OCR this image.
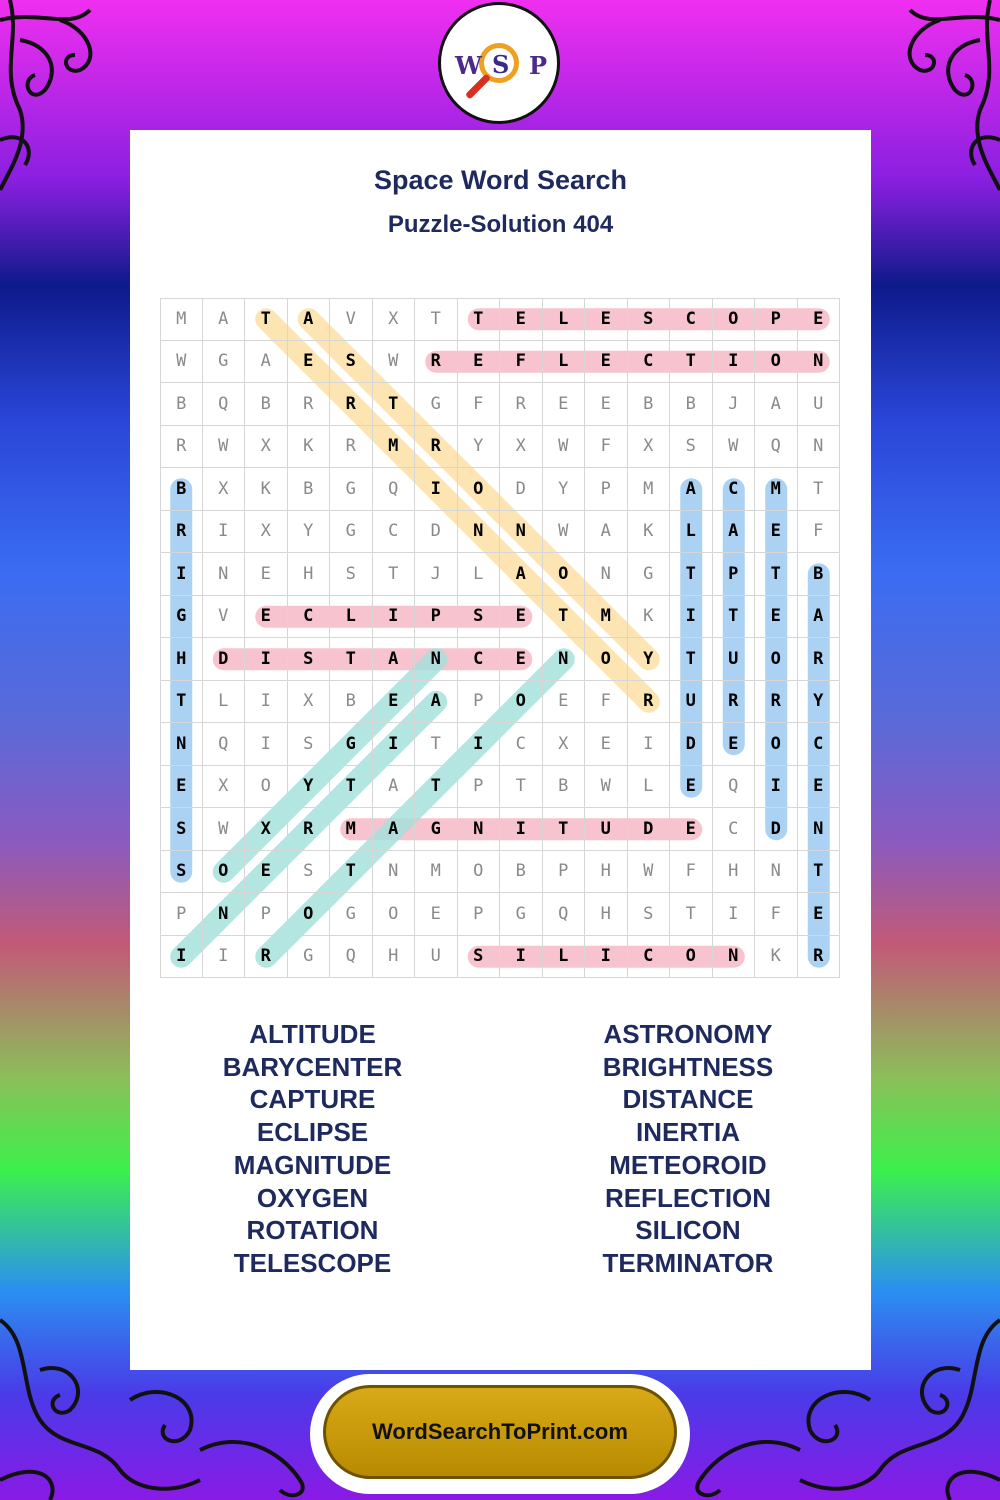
W S P
Space Word Search
Puzzle-Solution 404
M	A	T	A	V	X	T	T	E	L	E	S	C	O	P	E
W	G	A	E	S	W	R	E	F	L	E	C	T	I	O	N
B	Q	B	R	R	T	G	F	R	E	E	B	B	J	A	U
R	W	X	K	R	M	R	Y	X	W	F	X	S	W	Q	N
B	X	K	B	G	Q	I	O	D	Y	P	M	A	C	M	T
R	I	X	Y	G	C	D	N	N	W	A	K	L	A	E	F
I	N	E	H	S	T	J	L	A	O	N	G	T	P	T	B
G	V	E	C	L	I	P	S	E	T	M	K	I	T	E	A
H	D	I	S	T	A	N	C	E	N	O	Y	T	U	O	R
T	L	I	X	B	E	A	P	O	E	F	R	U	R	R	Y
N	Q	I	S	G	I	T	I	C	X	E	I	D	E	O	C
E	X	O	Y	T	A	T	P	T	B	W	L	E	Q	I	E
S	W	X	R	M	A	G	N	I	T	U	D	E	C	D	N
S	O	E	S	T	N	M	O	B	P	H	W	F	H	N	T
P	N	P	O	G	O	E	P	G	Q	H	S	T	I	F	E
I	I	R	G	Q	H	U	S	I	L	I	C	O	N	K	R
ALTITUDE
BARYCENTER
CAPTURE
ECLIPSE
MAGNITUDE
OXYGEN
ROTATION
TELESCOPE
ASTRONOMY
BRIGHTNESS
DISTANCE
INERTIA
METEOROID
REFLECTION
SILICON
TERMINATOR
WordSearchToPrint.com
